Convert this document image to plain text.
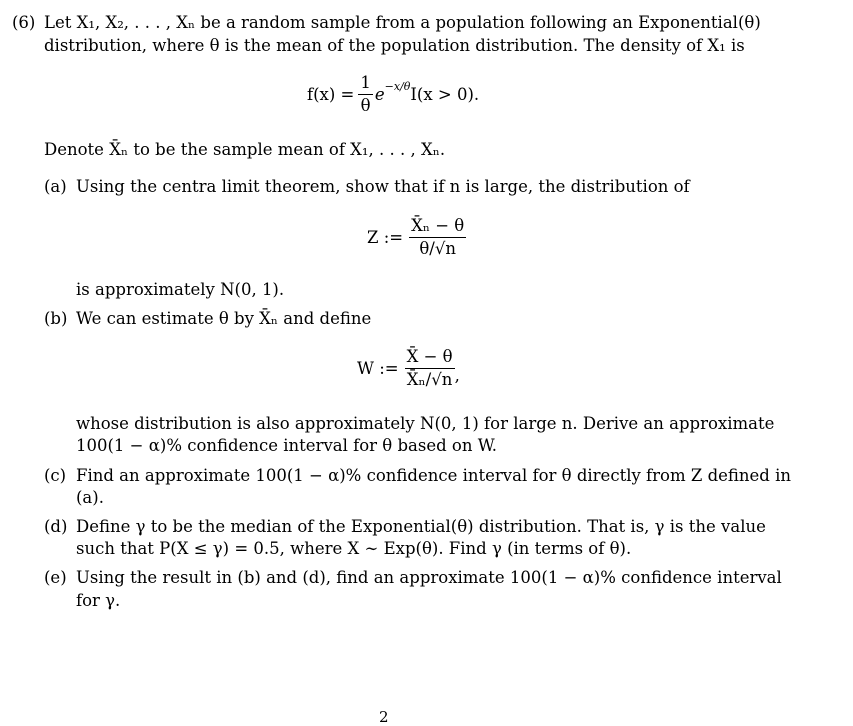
(6) Let X₁, X₂, . . . , Xₙ be a random sample from a population following an Exponential(θ)
distribution, where θ is the mean of the population distribution. The density of X₁ is
$f(x) = \frac{1}{\theta}$ e −x/θ I(x > 0).
Denote X̄ₙ to be the sample mean of X₁, . . . , Xₙ.
(a) Using the centra limit theorem, show that if n is large, the distribution of
Z := $\frac{\text{X̄ₙ − θ}}{\theta/√n}$
is approximately N(0, 1).
(b) We can estimate θ by X̄ₙ and define
W := $\frac{X̄ - \theta}{\text{X̄ₙ/√n}}$ ,
whose distribution is also approximately N(0, 1) for large n. Derive an approximate
100(1 − α)% confidence interval for θ based on W.
(c) Find an approximate 100(1 − α)% confidence interval for θ directly from Z defined in
(a).
(d) Define γ to be the median of the Exponential(θ) distribution. That is, γ is the value
such that P(X ≤ γ) = 0.5, where X ∼ Exp(θ). Find γ (in terms of θ).
(e) Using the result in (b) and (d), find an approximate 100(1 − α)% confidence interval
for γ.
2
